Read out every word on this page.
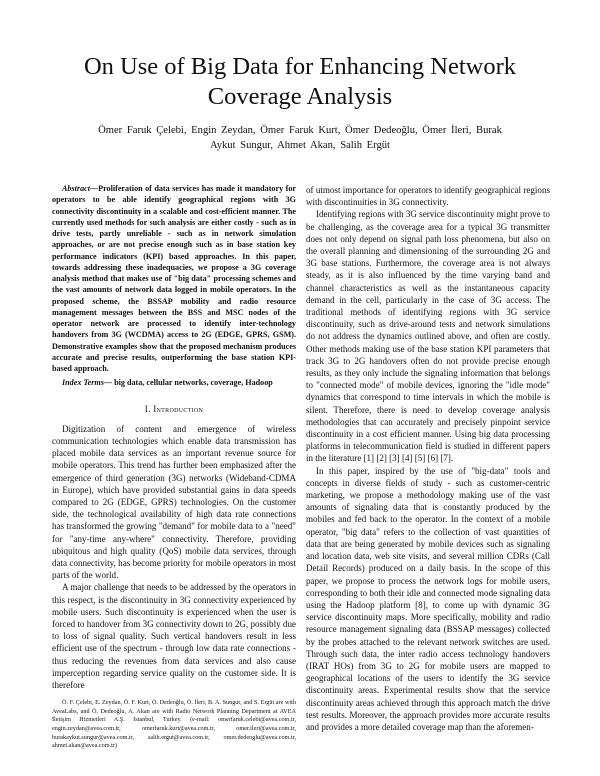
On Use of Big Data for Enhancing Network Coverage Analysis
Ömer Faruk Çelebi, Engin Zeydan, Ömer Faruk Kurt, Ömer Dedeoğlu, Ömer İleri, Burak
Aykut Sungur, Ahmet Akan, Salih Ergüt

Abstract—Proliferation of data services has made it mandatory for operators to be able identify geographical regions with 3G connectivity discontinuity in a scalable and cost-efficient manner. The currently used methods for such analysis are either costly - such as in drive tests, partly unreliable - such as in network simulation approaches, or are not precise enough such as in base station key performance indicators (KPI) based approaches. In this paper, towards addressing these inadequacies, we propose a 3G coverage analysis method that makes use of "big data" processing schemes and the vast amounts of network data logged in mobile operators. In the proposed scheme, the BSSAP mobility and radio resource management messages between the BSS and MSC nodes of the operator network are processed to identify inter-technology handovers from 3G (WCDMA) access to 2G (EDGE, GPRS, GSM). Demonstrative examples show that the proposed mechanism produces accurate and precise results, outperforming the base station KPI-based approach.

Index Terms— big data, cellular networks, coverage, Hadoop

I. Introduction

Digitization of content and emergence of wireless communication technologies which enable data transmission has placed mobile data services as an important revenue source for mobile operators. This trend has further been emphasized after the emergence of third generation (3G) networks (Wideband-CDMA in Europe), which have provided substantial gains in data speeds compared to 2G (EDGE, GPRS) technologies. On the customer side, the technological availability of high data rate connections has transformed the growing "demand" for mobile data to a "need" for "any-time any-where" connectivity. Therefore, providing ubiquitous and high quality (QoS) mobile data services, through data connectivity, has become priority for mobile operators in most parts of the world.

A major challenge that needs to be addressed by the operators in this respect, is the discontinuity in 3G connectivity experienced by mobile users. Such discontinuity is experienced when the user is forced to handover from 3G connectivity down to 2G, possibly due to loss of signal quality. Such vertical handovers result in less efficient use of the spectrum - through low data rate connections - thus reducing the revenues from data services and also cause imperception regarding service quality on the customer side. It is therefore

Ö. F. Çelebi, E. Zeydan, Ö. F. Kurt, Ö. Dedeoğlu, Ö. İleri, B. A. Sungur, and S. Ergüt are with AveaLabs, and Ö. Dedeoğlu, A. Akan are with Radio Network Planning Department at AVEA İletişim Hizmetleri A.Ş. İstanbul, Turkey. (e-mail: omerfaruk.celebi@avea.com.tr, engin.zeydan@avea.com.tr, omerfaruk.kurt@avea.com.tr, omer.ileri@avea.com.tr, burakaykut.sungur@avea.com.tr, salih.ergut@avea.com.tr, omer.dedeoglu@avea.com.tr, ahmet.akan@avea.com.tr)

of utmost importance for operators to identify geographical regions with discontinuities in 3G connectivity.

Identifying regions with 3G service discontinuity might prove to be challenging, as the coverage area for a typical 3G transmitter does not only depend on signal path loss phenomena, but also on the overall planning and dimensioning of the surrounding 2G and 3G base stations. Furthermore, the coverage area is not always steady, as it is also influenced by the time varying band and channel characteristics as well as the instantaneous capacity demand in the cell, particularly in the case of 3G access. The traditional methods of identifying regions with 3G service discontinuity, such as drive-around tests and network simulations do not address the dynamics outlined above, and often are costly. Other methods making use of the base station KPI parameters that track 3G to 2G handovers often do not provide precise enough results, as they only include the signaling information that belongs to "connected mode" of mobile devices, ignoring the "idle mode" dynamics that correspond to time intervals in which the mobile is silent. Therefore, there is need to develop coverage analysis methodologies that can accurately and precisely pinpoint service discontinuity in a cost efficient manner. Using big data processing platforms in telecommunication field is studied in different papers in the literature [1] [2] [3] [4] [5] [6] [7].

In this paper, inspired by the use of "big-data" tools and concepts in diverse fields of study - such as customer-centric marketing, we propose a methodology making use of the vast amounts of signaling data that is constantly produced by the mobiles and fed back to the operator. In the context of a mobile operator, "big data" refers to the collection of vast quantities of data that are being generated by mobile devices such as signaling and location data, web site visits, and several million CDRs (Call Detail Records) produced on a daily basis. In the scope of this paper, we propose to process the network logs for mobile users, corresponding to both their idle and connected mode signaling data using the Hadoop platform [8], to come up with dynamic 3G service discontinuity maps. More specifically, mobility and radio resource management signaling data (BSSAP messages) collected by the probes attached to the relevant network switches are used. Through such data, the inter radio access technology handovers (IRAT HOs) from 3G to 2G for mobile users are mapped to geographical locations of the users to identify the 3G service discontinuity areas. Experimental results show that the service discontinuity areas achieved through this approach match the drive test results. Moreover, the approach provides more accurate results and provides a more detailed coverage map than the aforemen-
